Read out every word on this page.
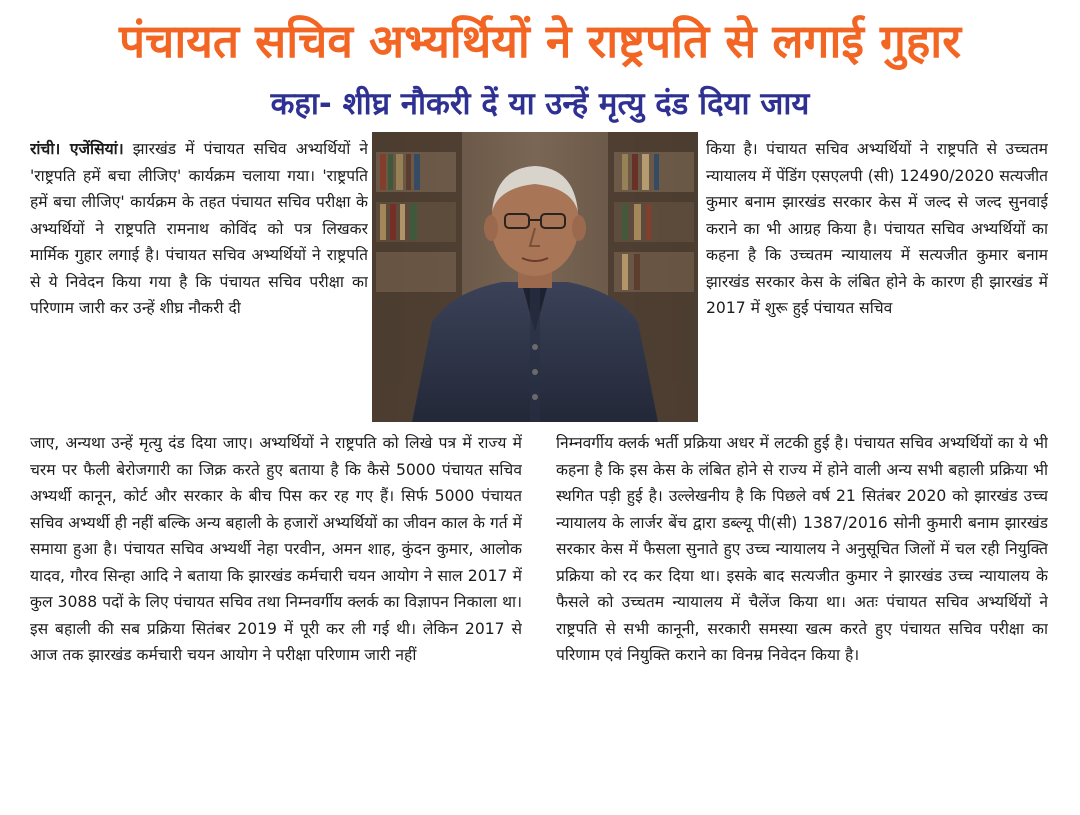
पंचायत सचिव अभ्यर्थियों ने राष्ट्रपति से लगाई गुहार
कहा- शीघ्र नौकरी दें या उन्हें मृत्यु दंड दिया जाय
रांची। एजेंसियां। झारखंड में पंचायत सचिव अभ्यर्थियों ने 'राष्ट्रपति हमें बचा लीजिए' कार्यक्रम चलाया गया। 'राष्ट्रपति हमें बचा लीजिए' कार्यक्रम के तहत पंचायत सचिव परीक्षा के अभ्यर्थियों ने राष्ट्रपति रामनाथ कोविंद को पत्र लिखकर मार्मिक गुहार लगाई है। पंचायत सचिव अभ्यर्थियों ने राष्ट्रपति से ये निवेदन किया गया है कि पंचायत सचिव परीक्षा का परिणाम जारी कर उन्हें शीघ्र नौकरी दी
किया है। पंचायत सचिव अभ्यर्थियों ने राष्ट्रपति से उच्चतम न्यायालय में पेंडिंग एसएलपी (सी) 12490/2020 सत्यजीत कुमार बनाम झारखंड सरकार केस में जल्द से जल्द सुनवाई कराने का भी आग्रह किया है। पंचायत सचिव अभ्यर्थियों का कहना है कि उच्चतम न्यायालय में सत्यजीत कुमार बनाम झारखंड सरकार केस के लंबित होने के कारण ही झारखंड में 2017 में शुरू हुई पंचायत सचिव
जाए, अन्यथा उन्हें मृत्यु दंड दिया जाए। अभ्यर्थियों ने राष्ट्रपति को लिखे पत्र में राज्य में चरम पर फैली बेरोजगारी का जिक्र करते हुए बताया है कि कैसे 5000 पंचायत सचिव अभ्यर्थी कानून, कोर्ट और सरकार के बीच पिस कर रह गए हैं। सिर्फ 5000 पंचायत सचिव अभ्यर्थी ही नहीं बल्कि अन्य बहाली के हजारों अभ्यर्थियों का जीवन काल के गर्त में समाया हुआ है। पंचायत सचिव अभ्यर्थी नेहा परवीन, अमन शाह, कुंदन कुमार, आलोक यादव, गौरव सिन्हा आदि ने बताया कि झारखंड कर्मचारी चयन आयोग ने साल 2017 में कुल 3088 पदों के लिए पंचायत सचिव तथा निम्नवर्गीय क्लर्क का विज्ञापन निकाला था। इस बहाली की सब प्रक्रिया सितंबर 2019 में पूरी कर ली गई थी। लेकिन 2017 से आज तक झारखंड कर्मचारी चयन आयोग ने परीक्षा परिणाम जारी नहीं
निम्नवर्गीय क्लर्क भर्ती प्रक्रिया अधर में लटकी हुई है। पंचायत सचिव अभ्यर्थियों का ये भी कहना है कि इस केस के लंबित होने से राज्य में होने वाली अन्य सभी बहाली प्रक्रिया भी स्थगित पड़ी हुई है। उल्लेखनीय है कि पिछले वर्ष 21 सितंबर 2020 को झारखंड उच्च न्यायालय के लार्जर बेंच द्वारा डब्ल्यू पी(सी) 1387/2016 सोनी कुमारी बनाम झारखंड सरकार केस में फैसला सुनाते हुए उच्च न्यायालय ने अनुसूचित जिलों में चल रही नियुक्ति प्रक्रिया को रद कर दिया था। इसके बाद सत्यजीत कुमार ने झारखंड उच्च न्यायालय के फैसले को उच्चतम न्यायालय में चैलेंज किया था। अतः पंचायत सचिव अभ्यर्थियों ने राष्ट्रपति से सभी कानूनी, सरकारी समस्या खत्म करते हुए पंचायत सचिव परीक्षा का परिणाम एवं नियुक्ति कराने का विनम्र निवेदन किया है।
